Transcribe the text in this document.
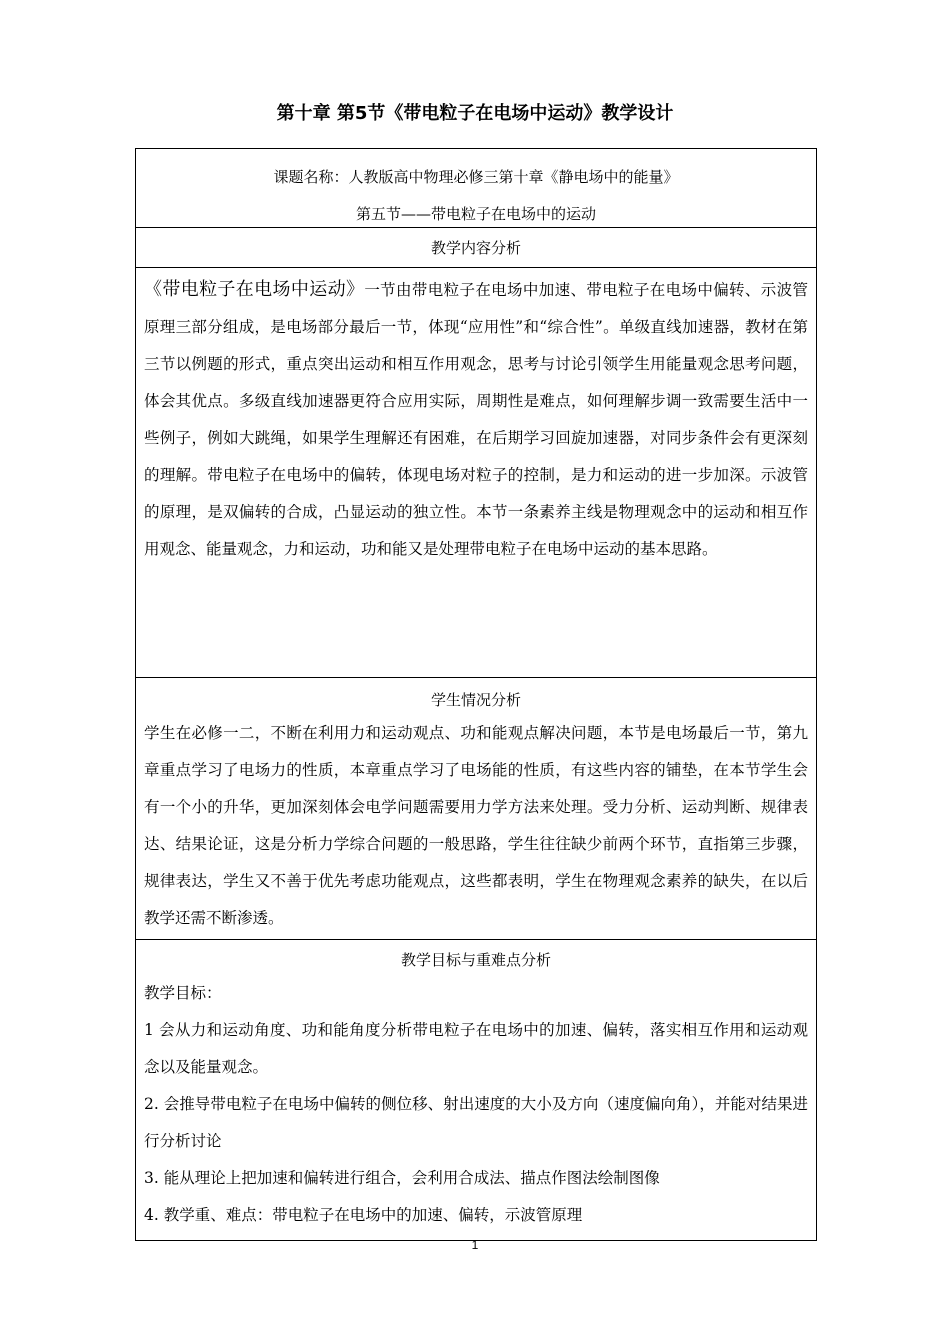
第十章 第5节《带电粒子在电场中运动》教学设计
课题名称：人教版高中物理必修三第十章《静电场中的能量》
第五节——带电粒子在电场中的运动
教学内容分析
《带电粒子在电场中运动》一节由带电粒子在电场中加速、带电粒子在电场中偏转、示波管原理三部分组成，是电场部分最后一节，体现“应用性”和“综合性”。单级直线加速器，教材在第三节以例题的形式，重点突出运动和相互作用观念，思考与讨论引领学生用能量观念思考问题，体会其优点。多级直线加速器更符合应用实际，周期性是难点，如何理解步调一致需要生活中一些例子，例如大跳绳，如果学生理解还有困难，在后期学习回旋加速器，对同步条件会有更深刻的理解。带电粒子在电场中的偏转，体现电场对粒子的控制，是力和运动的进一步加深。示波管的原理，是双偏转的合成，凸显运动的独立性。本节一条素养主线是物理观念中的运动和相互作用观念、能量观念，力和运动，功和能又是处理带电粒子在电场中运动的基本思路。
学生情况分析
学生在必修一二，不断在利用力和运动观点、功和能观点解决问题，本节是电场最后一节，第九章重点学习了电场力的性质，本章重点学习了电场能的性质，有这些内容的铺垫，在本节学生会有一个小的升华，更加深刻体会电学问题需要用力学方法来处理。受力分析、运动判断、规律表达、结果论证，这是分析力学综合问题的一般思路，学生往往缺少前两个环节，直指第三步骤，规律表达，学生又不善于优先考虑功能观点，这些都表明，学生在物理观念素养的缺失，在以后教学还需不断渗透。
教学目标与重难点分析
教学目标：
1 会从力和运动角度、功和能角度分析带电粒子在电场中的加速、偏转，落实相互作用和运动观念以及能量观念。
2. 会推导带电粒子在电场中偏转的侧位移、射出速度的大小及方向（速度偏向角），并能对结果进行分析讨论
3. 能从理论上把加速和偏转进行组合，会利用合成法、描点作图法绘制图像
4. 教学重、难点：带电粒子在电场中的加速、偏转，示波管原理
1
